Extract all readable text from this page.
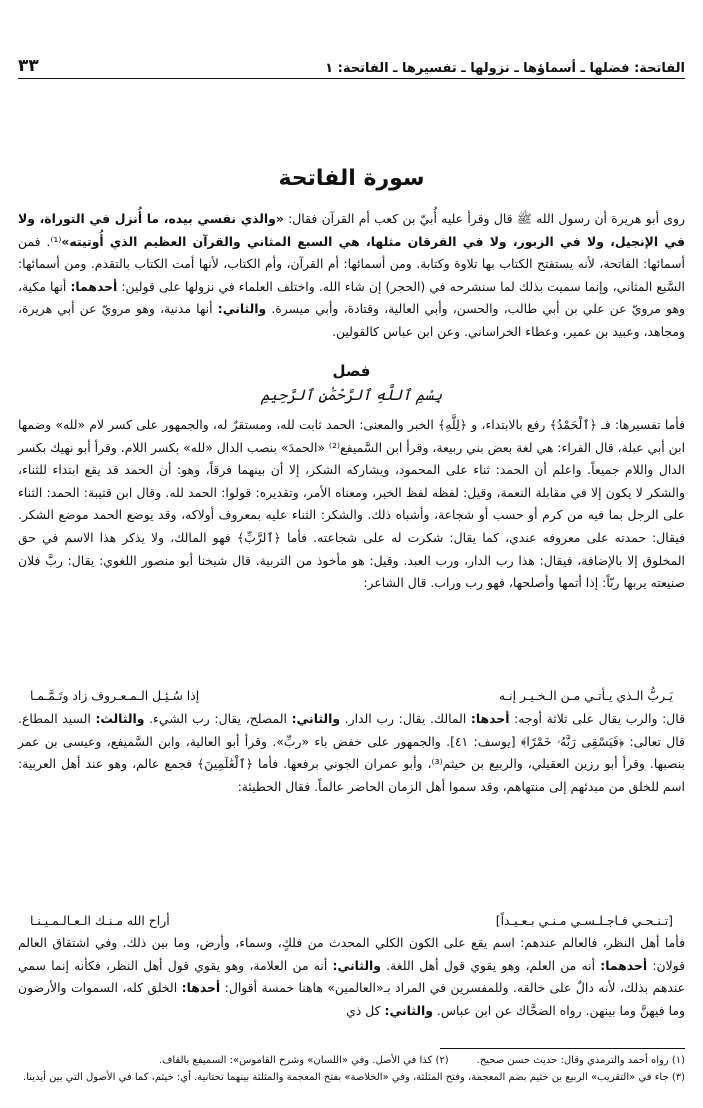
الفاتحة: فضلها ـ أسماؤها ـ نزولها ـ تفسيرها ـ الفاتحة: ١
٣٣
سورة الفاتحة

روى أبو هريرة أن رسول الله ﷺ قال وقرأ عليه أُبيّ بن كعب أم القرآن فقال: «والذي نفسي بيده، ما أُنزل في التوراة، ولا في الإنجيل، ولا في الزبور، ولا في الفرقان مثلها، هي السبع المثاني والقرآن العظيم الذي أُوتيته»⁽¹⁾. فمن أسمائها: الفاتحة، لأنه يستفتح الكتاب بها تلاوة وكتابة. ومن أسمائها: أم القرآن، وأم الكتاب، لأنها أمت الكتاب بالتقدم. ومن أسمائها: السَّبع المثاني، وإنما سميت بذلك لما سنشرحه في (الحجر) إن شاء الله. واختلف العلماء في نزولها على قولين: أحدهما: أنها مكية، وهو مرويّ عن علي بن أبي طالب، والحسن، وأبي العالية، وقتادة، وأبي ميسرة. والثاني: أنها مدنية، وهو مرويّ عن أبي هريرة، ومجاهد، وعبيد بن عمير، وعطاء الخراساني. وعن ابن عباس كالقولين.

فصل
بِسْمِ ٱللَّهِ ٱلرَّحْمَٰنِ ٱلرَّحِيمِ

فأما تفسيرها: فـ ﴿ٱلْحَمْدُ﴾ رفع بالابتداء، و ﴿لِلَّهِ﴾ الخبر والمعنى: الحمد ثابت لله، ومستقرٌ له، والجمهور على كسر لام «لله» وضمها ابن أبي عبلة، قال الفراء: هي لغة بعض بني ربيعة، وقرأ ابن السَّميفع⁽²⁾ «الحمدَ» بنصب الدال «لله» بكسر اللام. وقرأ أبو نهيك بكسر الدال واللام جميعاً. واعلم أن الحمد: ثناء على المحمود، ويشاركه الشكر، إلا أن بينهما فرقاً، وهو: أن الحمد قد يقع ابتداء للثناء، والشكر لا يكون إلا في مقابلة النعمة، وقيل: لفظه لفظ الخبر، ومعناه الأمر، وتقديره: قولوا: الحمد لله. وقال ابن قتيبة: الحمد: الثناء على الرجل بما فيه من كرم أو حسب أو شجاعة، وأشباه ذلك. والشكر: الثناء عليه بمعروف أولاكه، وقد يوضع الحمد موضع الشكر. فيقال: حمدته على معروفه عندي، كما يقال: شكرت له على شجاعته. فأما ﴿ٱلرَّبِّ﴾ فهو المالك، ولا يذكر هذا الاسم في حق المخلوق إلا بالإضافة، فيقال: هذا رب الدار، ورب العبد. وقيل: هو مأخوذ من التربية. قال شيخنا أبو منصور اللغوي: يقال: ربَّ فلان صنيعته يربها ربّاً: إذا أتمها وأصلحها، فهو رب وراب. قال الشاعر:

يَـربُّ الـذي يـأتـي مـن الـخـيـر إنـه
إذا سُـئِـل الـمـعـروف زاد وتَـمَّـمـا

قال: والرب يقال على ثلاثة أوجه: أحدها: المالك. يقال: رب الدار. والثاني: المصلح، يقال: رب الشيء. والثالث: السيد المطاع. قال تعالى: ﴿فَيَسْقِى رَبَّهُۥ خَمْرًا﴾ [يوسف: ٤١]. والجمهور على خفض باء «ربِّ». وقرأ أبو العالية، وابن السَّميفع، وعيسى بن عمر بنصبها. وقرأ أبو رزين العقيلي، والربيع بن خيثم⁽³⁾، وأبو عمران الجوني برفعها. فأما ﴿ٱلْعَٰلَمِينَ﴾ فجمع عالم، وهو عند أهل العربية: اسم للخلق من مبدئهم إلى منتهاهم، وقد سموا أهل الزمان الحاضر عالماً. فقال الحطيئة:

[تـنـحـي فـاجـلـسـي مـنـي بـعـيـداً]
أراح الله مـنـك الـعـالـمـيـنـا

فأما أهل النظر، فالعالم عندهم: اسم يقع على الكون الكلي المحدث من فلكٍ، وسماء، وأرض، وما بين ذلك. وفي اشتقاق العالم قولان: أحدهما: أنه من العلم، وهو يقوي قول أهل اللغة. والثاني: أنه من العلامة، وهو يقوي قول أهل النظر، فكأنه إنما سمي عندهم بذلك، لأنه دالٌ على خالقه. وللمفسرين في المراد بـ«العالمين» هاهنا خمسة أقوال: أحدها: الخلق كله، السموات والأرضون وما فيهنَّ وما بينهن. رواه الضحَّاك عن ابن عباس. والثاني: كل ذي

(١) رواه أحمد والترمذي وقال: حديث حسن صحيح.
(٢) كذا في الأصل. وفي «اللسان» وشرح القاموس»: السميفع بالقاف.
(٣) جاء في «التقريب» الربيع بن خثيم بضم المعجمة، وفتح المثلثة، وفي «الخلاصة» بفتح المعجمة والمثلثة بينهما تحتانية. أي: خيثم، كما في الأصول التي بين أيدينا.
